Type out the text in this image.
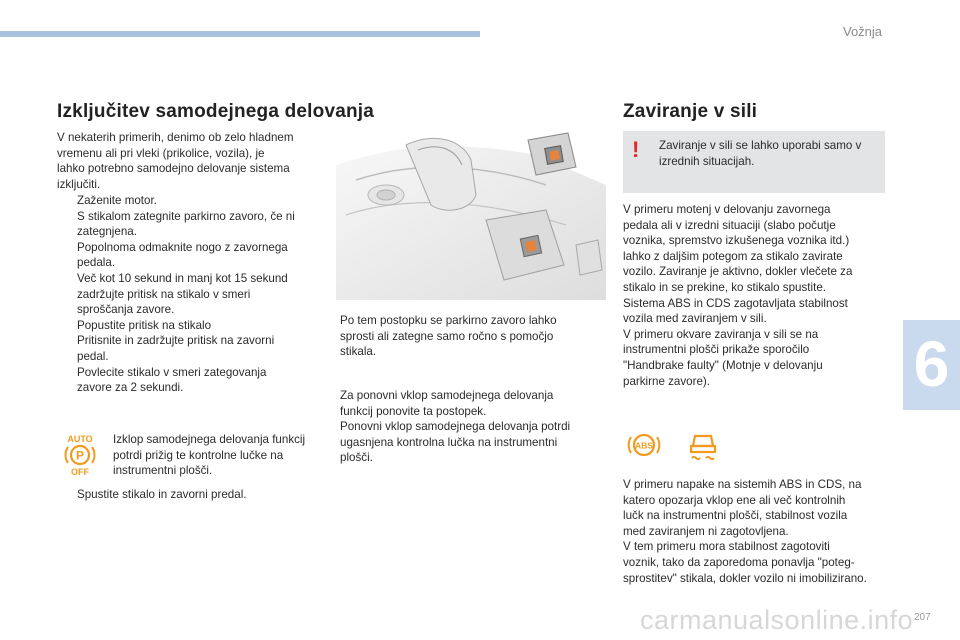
Vožnja
6
Izključitev samodejnega delovanja
V nekaterih primerih, denimo ob zelo hladnem
vremenu ali pri vleki (prikolice, vozila), je
lahko potrebno samodejno delovanje sistema
izključiti.
Zaženite motor.
S stikalom zategnite parkirno zavoro, če ni
zategnjena.
Popolnoma odmaknite nogo z zavornega
pedala.
Več kot 10 sekund in manj kot 15 sekund
zadržujte pritisk na stikalo v smeri
sproščanja zavore.
Popustite pritisk na stikalo
Pritisnite in zadržujte pritisk na zavorni
pedal.
Povlecite stikalo v smeri zategovanja
zavore za 2 sekundi.
AUTO
P
OFF
Izklop samodejnega delovanja funkcij
potrdi prižig te kontrolne lučke na
instrumentni plošči.
Spustite stikalo in zavorni predal.
Po tem postopku se parkirno zavoro lahko
sprosti ali zategne samo ročno s pomočjo
stikala.
Za ponovni vklop samodejnega delovanja
funkcij ponovite ta postopek.
Ponovni vklop samodejnega delovanja potrdi
ugasnjena kontrolna lučka na instrumentni
plošči.
Zaviranje v sili
! Zaviranje v sili se lahko uporabi samo v
izrednih situacijah.
V primeru motenj v delovanju zavornega
pedala ali v izredni situaciji (slabo počutje
voznika, spremstvo izkušenega voznika itd.)
lahko z daljšim potegom za stikalo zavirate
vozilo. Zaviranje je aktivno, dokler vlečete za
stikalo in se prekine, ko stikalo spustite.
Sistema ABS in CDS zagotavljata stabilnost
vozila med zaviranjem v sili.
V primeru okvare zaviranja v sili se na
instrumentni plošči prikaže sporočilo
"Handbrake faulty" (Motnje v delovanju
parkirne zavore).
ABS
V primeru napake na sistemih ABS in CDS, na
katero opozarja vklop ene ali več kontrolnih
lučk na instrumentni plošči, stabilnost vozila
med zaviranjem ni zagotovljena.
V tem primeru mora stabilnost zagotoviti
voznik, tako da zaporedoma ponavlja "poteg-
sprostitev" stikala, dokler vozilo ni imobilizirano.
carmanualsonline.info 207
